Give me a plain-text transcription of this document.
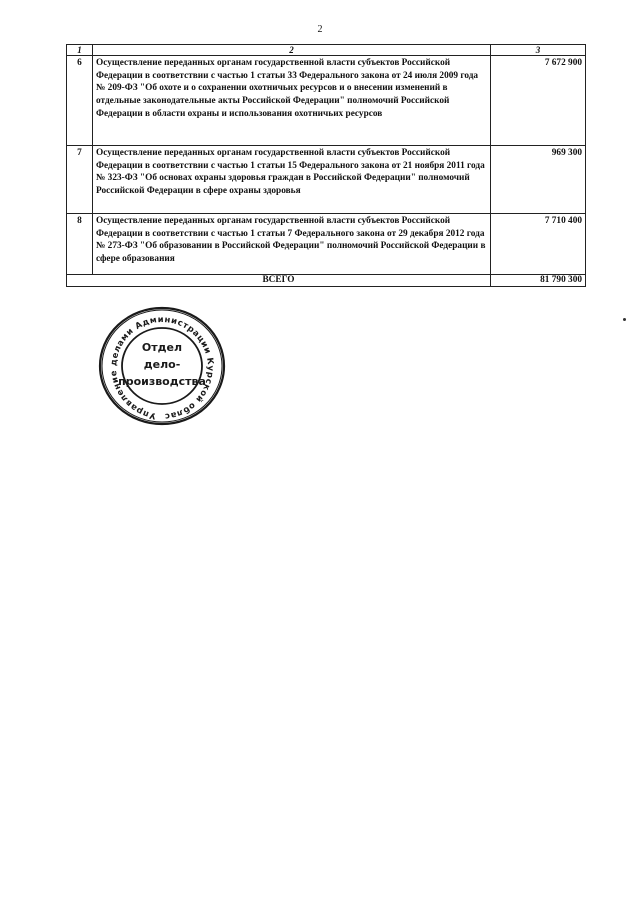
2
1	2	3
6	Осуществление переданных органам государственной власти субъектов Российской Федерации в соответствии с частью 1 статьи 33 Федерального закона от 24 июля 2009 года № 209-ФЗ "Об охоте и о сохранении охотничьих ресурсов и о внесении изменений в отдельные законодательные акты Российской Федерации" полномочий Российской Федерации в области охраны и использования охотничьих ресурсов	7 672 900
7	Осуществление переданных органам государственной власти субъектов Российской Федерации в соответствии с частью 1 статьи 15 Федерального закона от 21 ноября 2011 года № 323-ФЗ "Об основах охраны здоровья граждан в Российской Федерации" полномочий Российской Федерации в сфере охраны здоровья	969 300
8	Осуществление переданных органам государственной власти субъектов Российской Федерации в соответствии с частью 1 статьи 7 Федерального закона от 29 декабря 2012 года № 273-ФЗ "Об образовании в Российской Федерации" полномочий Российской Федерации в сфере образования	7 710 400
ВСЕГО		81 790 300
Управление делами Администрации Курской облас
Отдел
дело-
производства
